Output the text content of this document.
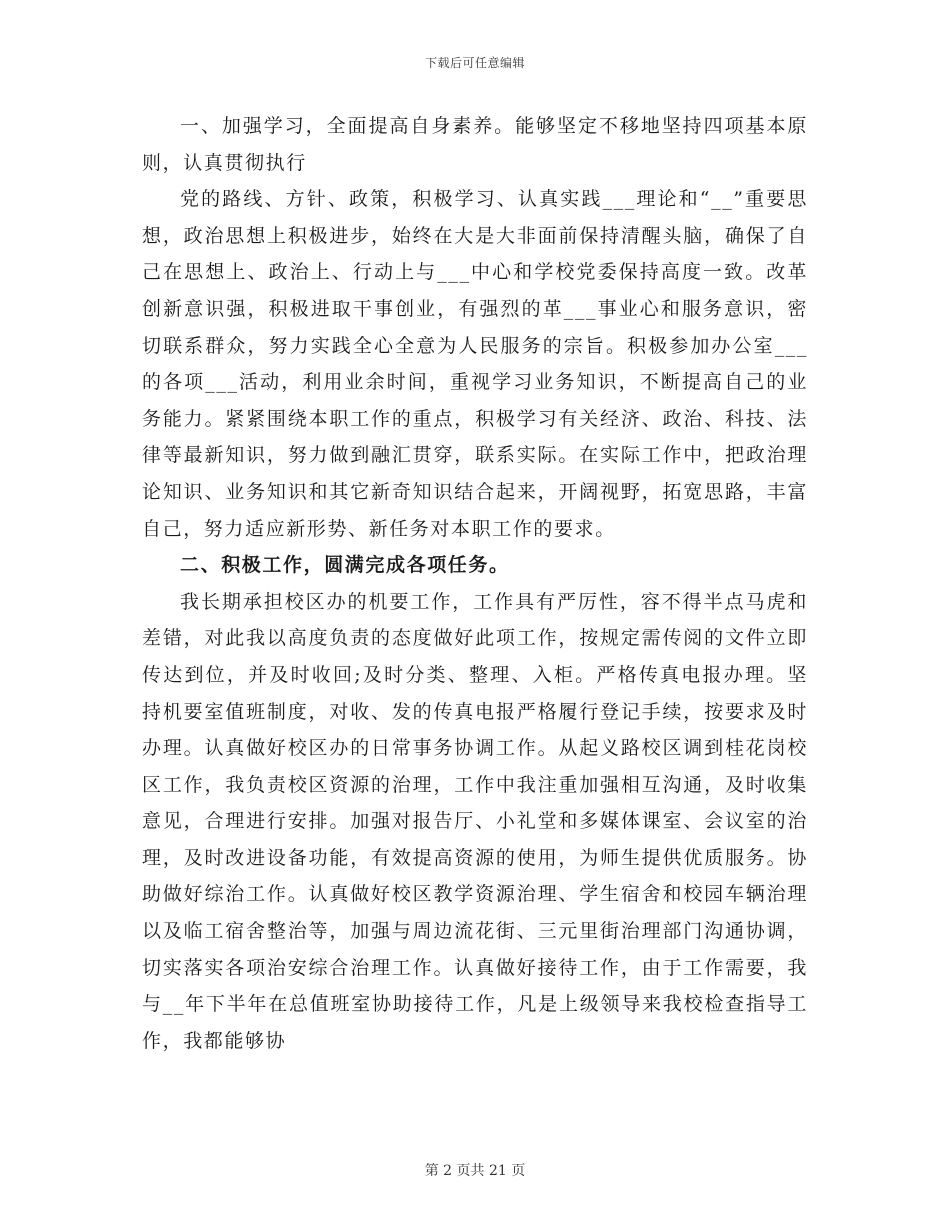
下载后可任意编辑

一、加强学习，全面提高自身素养。能够坚定不移地坚持四项基本原则，认真贯彻执行

党的路线、方针、政策，积极学习、认真实践___理论和“__”重要思想，政治思想上积极进步，始终在大是大非面前保持清醒头脑，确保了自己在思想上、政治上、行动上与___中心和学校党委保持高度一致。改革创新意识强，积极进取干事创业，有强烈的革___事业心和服务意识，密切联系群众，努力实践全心全意为人民服务的宗旨。积极参加办公室___的各项___活动，利用业余时间，重视学习业务知识，不断提高自己的业务能力。紧紧围绕本职工作的重点，积极学习有关经济、政治、科技、法律等最新知识，努力做到融汇贯穿，联系实际。在实际工作中，把政治理论知识、业务知识和其它新奇知识结合起来，开阔视野，拓宽思路，丰富自己，努力适应新形势、新任务对本职工作的要求。

二、积极工作，圆满完成各项任务。

我长期承担校区办的机要工作，工作具有严厉性，容不得半点马虎和差错，对此我以高度负责的态度做好此项工作，按规定需传阅的文件立即传达到位，并及时收回;及时分类、整理、入柜。严格传真电报办理。坚持机要室值班制度，对收、发的传真电报严格履行登记手续，按要求及时办理。认真做好校区办的日常事务协调工作。从起义路校区调到桂花岗校区工作，我负责校区资源的治理，工作中我注重加强相互沟通，及时收集意见，合理进行安排。加强对报告厅、小礼堂和多媒体课室、会议室的治理，及时改进设备功能，有效提高资源的使用，为师生提供优质服务。协助做好综治工作。认真做好校区教学资源治理、学生宿舍和校园车辆治理以及临工宿舍整治等，加强与周边流花街、三元里街治理部门沟通协调，切实落实各项治安综合治理工作。认真做好接待工作，由于工作需要，我与__年下半年在总值班室协助接待工作，凡是上级领导来我校检查指导工作，我都能够协

第 2 页共 21 页
